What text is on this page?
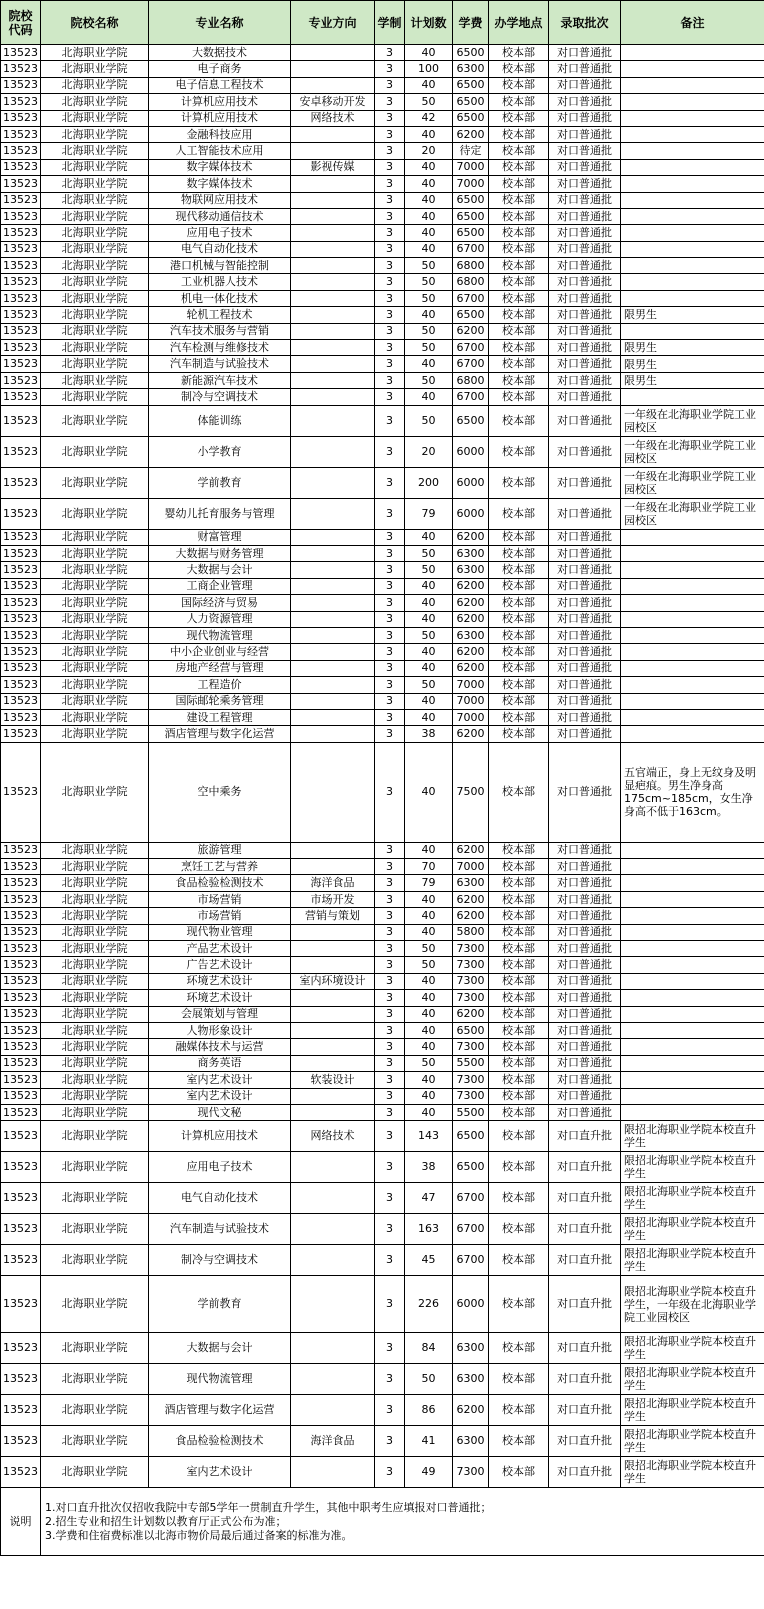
院校代码	院校名称	专业名称	专业方向	学制	计划数	学费	办学地点	录取批次	备注
13523	北海职业学院	大数据技术		3	40	6500	校本部	对口普通批	
13523	北海职业学院	电子商务		3	100	6300	校本部	对口普通批	
13523	北海职业学院	电子信息工程技术		3	40	6500	校本部	对口普通批	
13523	北海职业学院	计算机应用技术	安卓移动开发	3	50	6500	校本部	对口普通批	
13523	北海职业学院	计算机应用技术	网络技术	3	42	6500	校本部	对口普通批	
13523	北海职业学院	金融科技应用		3	40	6200	校本部	对口普通批	
13523	北海职业学院	人工智能技术应用		3	20	待定	校本部	对口普通批	
13523	北海职业学院	数字媒体技术	影视传媒	3	40	7000	校本部	对口普通批	
13523	北海职业学院	数字媒体技术		3	40	7000	校本部	对口普通批	
13523	北海职业学院	物联网应用技术		3	40	6500	校本部	对口普通批	
13523	北海职业学院	现代移动通信技术		3	40	6500	校本部	对口普通批	
13523	北海职业学院	应用电子技术		3	40	6500	校本部	对口普通批	
13523	北海职业学院	电气自动化技术		3	40	6700	校本部	对口普通批	
13523	北海职业学院	港口机械与智能控制		3	50	6800	校本部	对口普通批	
13523	北海职业学院	工业机器人技术		3	50	6800	校本部	对口普通批	
13523	北海职业学院	机电一体化技术		3	50	6700	校本部	对口普通批	
13523	北海职业学院	轮机工程技术		3	40	6500	校本部	对口普通批	限男生
13523	北海职业学院	汽车技术服务与营销		3	50	6200	校本部	对口普通批	
13523	北海职业学院	汽车检测与维修技术		3	50	6700	校本部	对口普通批	限男生
13523	北海职业学院	汽车制造与试验技术		3	40	6700	校本部	对口普通批	限男生
13523	北海职业学院	新能源汽车技术		3	50	6800	校本部	对口普通批	限男生
13523	北海职业学院	制冷与空调技术		3	40	6700	校本部	对口普通批	
13523	北海职业学院	体能训练		3	50	6500	校本部	对口普通批	一年级在北海职业学院工业园校区
13523	北海职业学院	小学教育		3	20	6000	校本部	对口普通批	一年级在北海职业学院工业园校区
13523	北海职业学院	学前教育		3	200	6000	校本部	对口普通批	一年级在北海职业学院工业园校区
13523	北海职业学院	婴幼儿托育服务与管理		3	79	6000	校本部	对口普通批	一年级在北海职业学院工业园校区
13523	北海职业学院	财富管理		3	40	6200	校本部	对口普通批	
13523	北海职业学院	大数据与财务管理		3	50	6300	校本部	对口普通批	
13523	北海职业学院	大数据与会计		3	50	6300	校本部	对口普通批	
13523	北海职业学院	工商企业管理		3	40	6200	校本部	对口普通批	
13523	北海职业学院	国际经济与贸易		3	40	6200	校本部	对口普通批	
13523	北海职业学院	人力资源管理		3	40	6200	校本部	对口普通批	
13523	北海职业学院	现代物流管理		3	50	6300	校本部	对口普通批	
13523	北海职业学院	中小企业创业与经营		3	40	6200	校本部	对口普通批	
13523	北海职业学院	房地产经营与管理		3	40	6200	校本部	对口普通批	
13523	北海职业学院	工程造价		3	50	7000	校本部	对口普通批	
13523	北海职业学院	国际邮轮乘务管理		3	40	7000	校本部	对口普通批	
13523	北海职业学院	建设工程管理		3	40	7000	校本部	对口普通批	
13523	北海职业学院	酒店管理与数字化运营		3	38	6200	校本部	对口普通批	
13523	北海职业学院	空中乘务		3	40	7500	校本部	对口普通批	五官端正，身上无纹身及明显疤痕。男生净身高175cm~185cm，女生净身高不低于163cm。
13523	北海职业学院	旅游管理		3	40	6200	校本部	对口普通批	
13523	北海职业学院	烹饪工艺与营养		3	70	7000	校本部	对口普通批	
13523	北海职业学院	食品检验检测技术	海洋食品	3	79	6300	校本部	对口普通批	
13523	北海职业学院	市场营销	市场开发	3	40	6200	校本部	对口普通批	
13523	北海职业学院	市场营销	营销与策划	3	40	6200	校本部	对口普通批	
13523	北海职业学院	现代物业管理		3	40	5800	校本部	对口普通批	
13523	北海职业学院	产品艺术设计		3	50	7300	校本部	对口普通批	
13523	北海职业学院	广告艺术设计		3	50	7300	校本部	对口普通批	
13523	北海职业学院	环境艺术设计	室内环境设计	3	40	7300	校本部	对口普通批	
13523	北海职业学院	环境艺术设计		3	40	7300	校本部	对口普通批	
13523	北海职业学院	会展策划与管理		3	40	6200	校本部	对口普通批	
13523	北海职业学院	人物形象设计		3	40	6500	校本部	对口普通批	
13523	北海职业学院	融媒体技术与运营		3	40	7300	校本部	对口普通批	
13523	北海职业学院	商务英语		3	50	5500	校本部	对口普通批	
13523	北海职业学院	室内艺术设计	软装设计	3	40	7300	校本部	对口普通批	
13523	北海职业学院	室内艺术设计		3	40	7300	校本部	对口普通批	
13523	北海职业学院	现代文秘		3	40	5500	校本部	对口普通批	
13523	北海职业学院	计算机应用技术	网络技术	3	143	6500	校本部	对口直升批	限招北海职业学院本校直升学生
13523	北海职业学院	应用电子技术		3	38	6500	校本部	对口直升批	限招北海职业学院本校直升学生
13523	北海职业学院	电气自动化技术		3	47	6700	校本部	对口直升批	限招北海职业学院本校直升学生
13523	北海职业学院	汽车制造与试验技术		3	163	6700	校本部	对口直升批	限招北海职业学院本校直升学生
13523	北海职业学院	制冷与空调技术		3	45	6700	校本部	对口直升批	限招北海职业学院本校直升学生
13523	北海职业学院	学前教育		3	226	6000	校本部	对口直升批	限招北海职业学院本校直升学生，一年级在北海职业学院工业园校区
13523	北海职业学院	大数据与会计		3	84	6300	校本部	对口直升批	限招北海职业学院本校直升学生
13523	北海职业学院	现代物流管理		3	50	6300	校本部	对口直升批	限招北海职业学院本校直升学生
13523	北海职业学院	酒店管理与数字化运营		3	86	6200	校本部	对口直升批	限招北海职业学院本校直升学生
13523	北海职业学院	食品检验检测技术	海洋食品	3	41	6300	校本部	对口直升批	限招北海职业学院本校直升学生
13523	北海职业学院	室内艺术设计		3	49	7300	校本部	对口直升批	限招北海职业学院本校直升学生
说明	1.对口直升批次仅招收我院中专部5学年一贯制直升学生，其他中职考生应填报对口普通批；
2.招生专业和招生计划数以教育厅正式公布为准；
3.学费和住宿费标准以北海市物价局最后通过备案的标准为准。								
